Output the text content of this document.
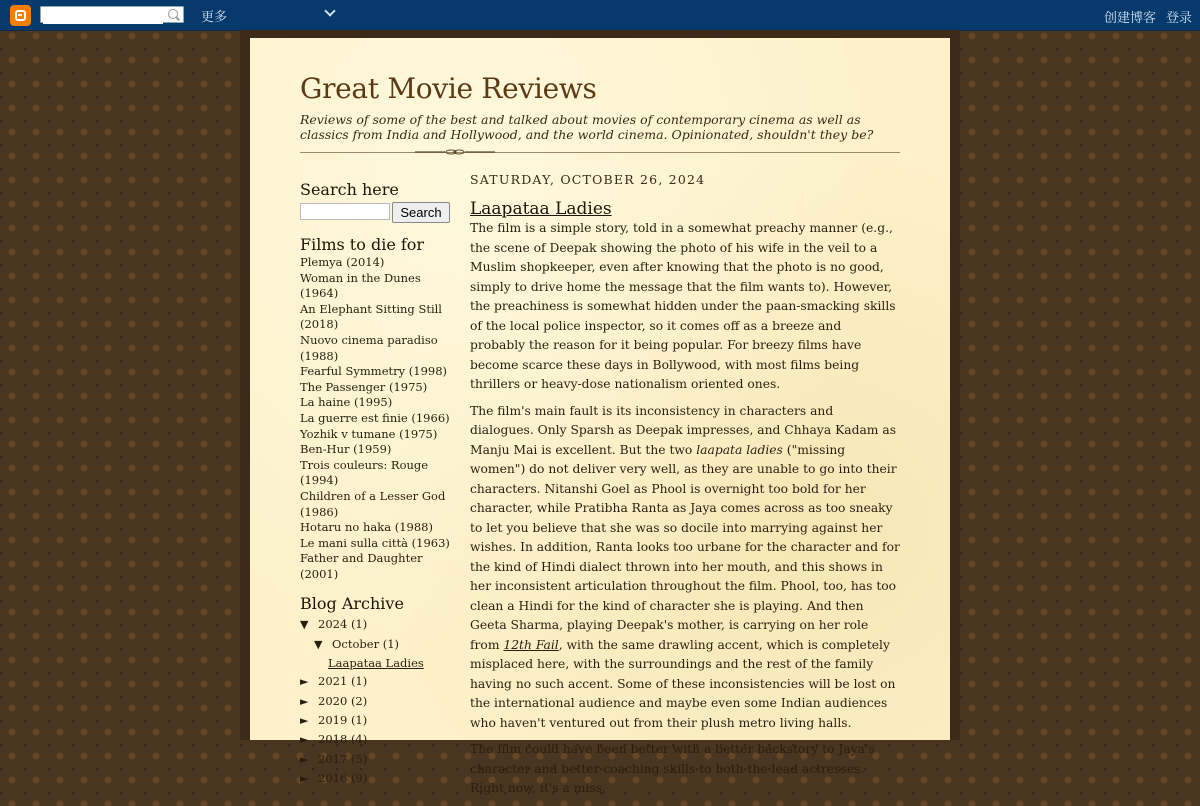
更多	创建博客 登录
Great Movie Reviews

Reviews of some of the best and talked about movies of contemporary cinema as well as classics from India and Hollywood, and the world cinema. Opinionated, shouldn't they be?

Search here
Search
Films to die for
Plemya (2014)
Woman in the Dunes (1964)
An Elephant Sitting Still (2018)
Nuovo cinema paradiso (1988)
Fearful Symmetry (1998)
The Passenger (1975)
La haine (1995)
La guerre est finie (1966)
Yozhik v tumane (1975)
Ben-Hur (1959)
Trois couleurs: Rouge (1994)
Children of a Lesser God (1986)
Hotaru no haka (1988)
Le mani sulla città (1963)
Father and Daughter (2001)
Blog Archive
▼ 2024 (1)
▼ October (1)
Laapataa Ladies
► 2021 (1)
► 2020 (2)
► 2019 (1)
► 2018 (4)
► 2017 (5)
► 2016 (9)
SATURDAY, OCTOBER 26, 2024
Laapataa Ladies

The film is a simple story, told in a somewhat preachy manner (e.g., the scene of Deepak showing the photo of his wife in the veil to a Muslim shopkeeper, even after knowing that the photo is no good, simply to drive home the message that the film wants to). However, the preachiness is somewhat hidden under the paan-smacking skills of the local police inspector, so it comes off as a breeze and probably the reason for it being popular. For breezy films have become scarce these days in Bollywood, with most films being thrillers or heavy-dose nationalism oriented ones.

The film's main fault is its inconsistency in characters and dialogues. Only Sparsh as Deepak impresses, and Chhaya Kadam as Manju Mai is excellent. But the two laapata ladies ("missing women") do not deliver very well, as they are unable to go into their characters. Nitanshi Goel as Phool is overnight too bold for her character, while Pratibha Ranta as Jaya comes across as too sneaky to let you believe that she was so docile into marrying against her wishes. In addition, Ranta looks too urbane for the character and for the kind of Hindi dialect thrown into her mouth, and this shows in her inconsistent articulation throughout the film. Phool, too, has too clean a Hindi for the kind of character she is playing. And then Geeta Sharma, playing Deepak's mother, is carrying on her role from 12th Fail, with the same drawling accent, which is completely misplaced here, with the surroundings and the rest of the family having no such accent. Some of these inconsistencies will be lost on the international audience and maybe even some Indian audiences who haven't ventured out from their plush metro living halls.

The film could have been better with a better backstory to Jaya's character and better coaching skills to both the lead actresses. Right now, it's a miss,
